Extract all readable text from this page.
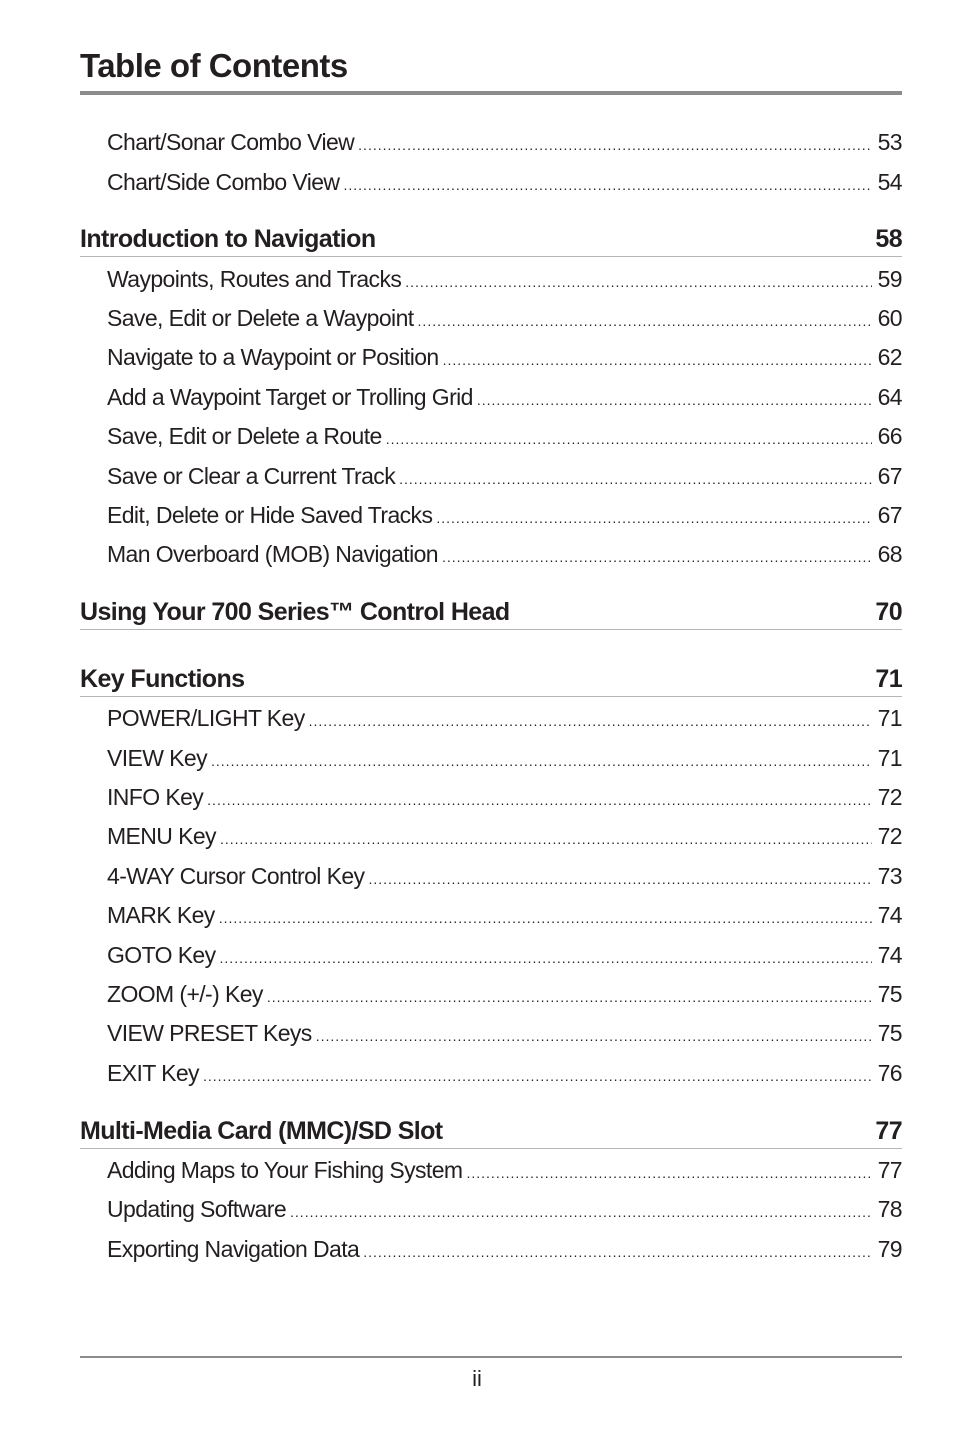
Table of Contents
Chart/Sonar Combo View .....	53
Chart/Side Combo View .....	54
Introduction to Navigation	58
Waypoints, Routes and Tracks .....	59
Save, Edit or Delete a Waypoint .....	60
Navigate to a Waypoint or Position .....	62
Add a Waypoint Target or Trolling Grid .....	64
Save, Edit or Delete a Route .....	66
Save or Clear a Current Track .....	67
Edit, Delete or Hide Saved Tracks .....	67
Man Overboard (MOB) Navigation .....	68
Using Your 700 Series™ Control Head	70
Key Functions	71
POWER/LIGHT Key .....	71
VIEW Key .....	71
INFO Key .....	72
MENU Key .....	72
4-WAY Cursor Control Key .....	73
MARK Key .....	74
GOTO Key .....	74
ZOOM (+/-) Key .....	75
VIEW PRESET Keys .....	75
EXIT Key .....	76
Multi-Media Card (MMC)/SD Slot	77
Adding Maps to Your Fishing System .....	77
Updating Software .....	78
Exporting Navigation Data .....	79
ii
